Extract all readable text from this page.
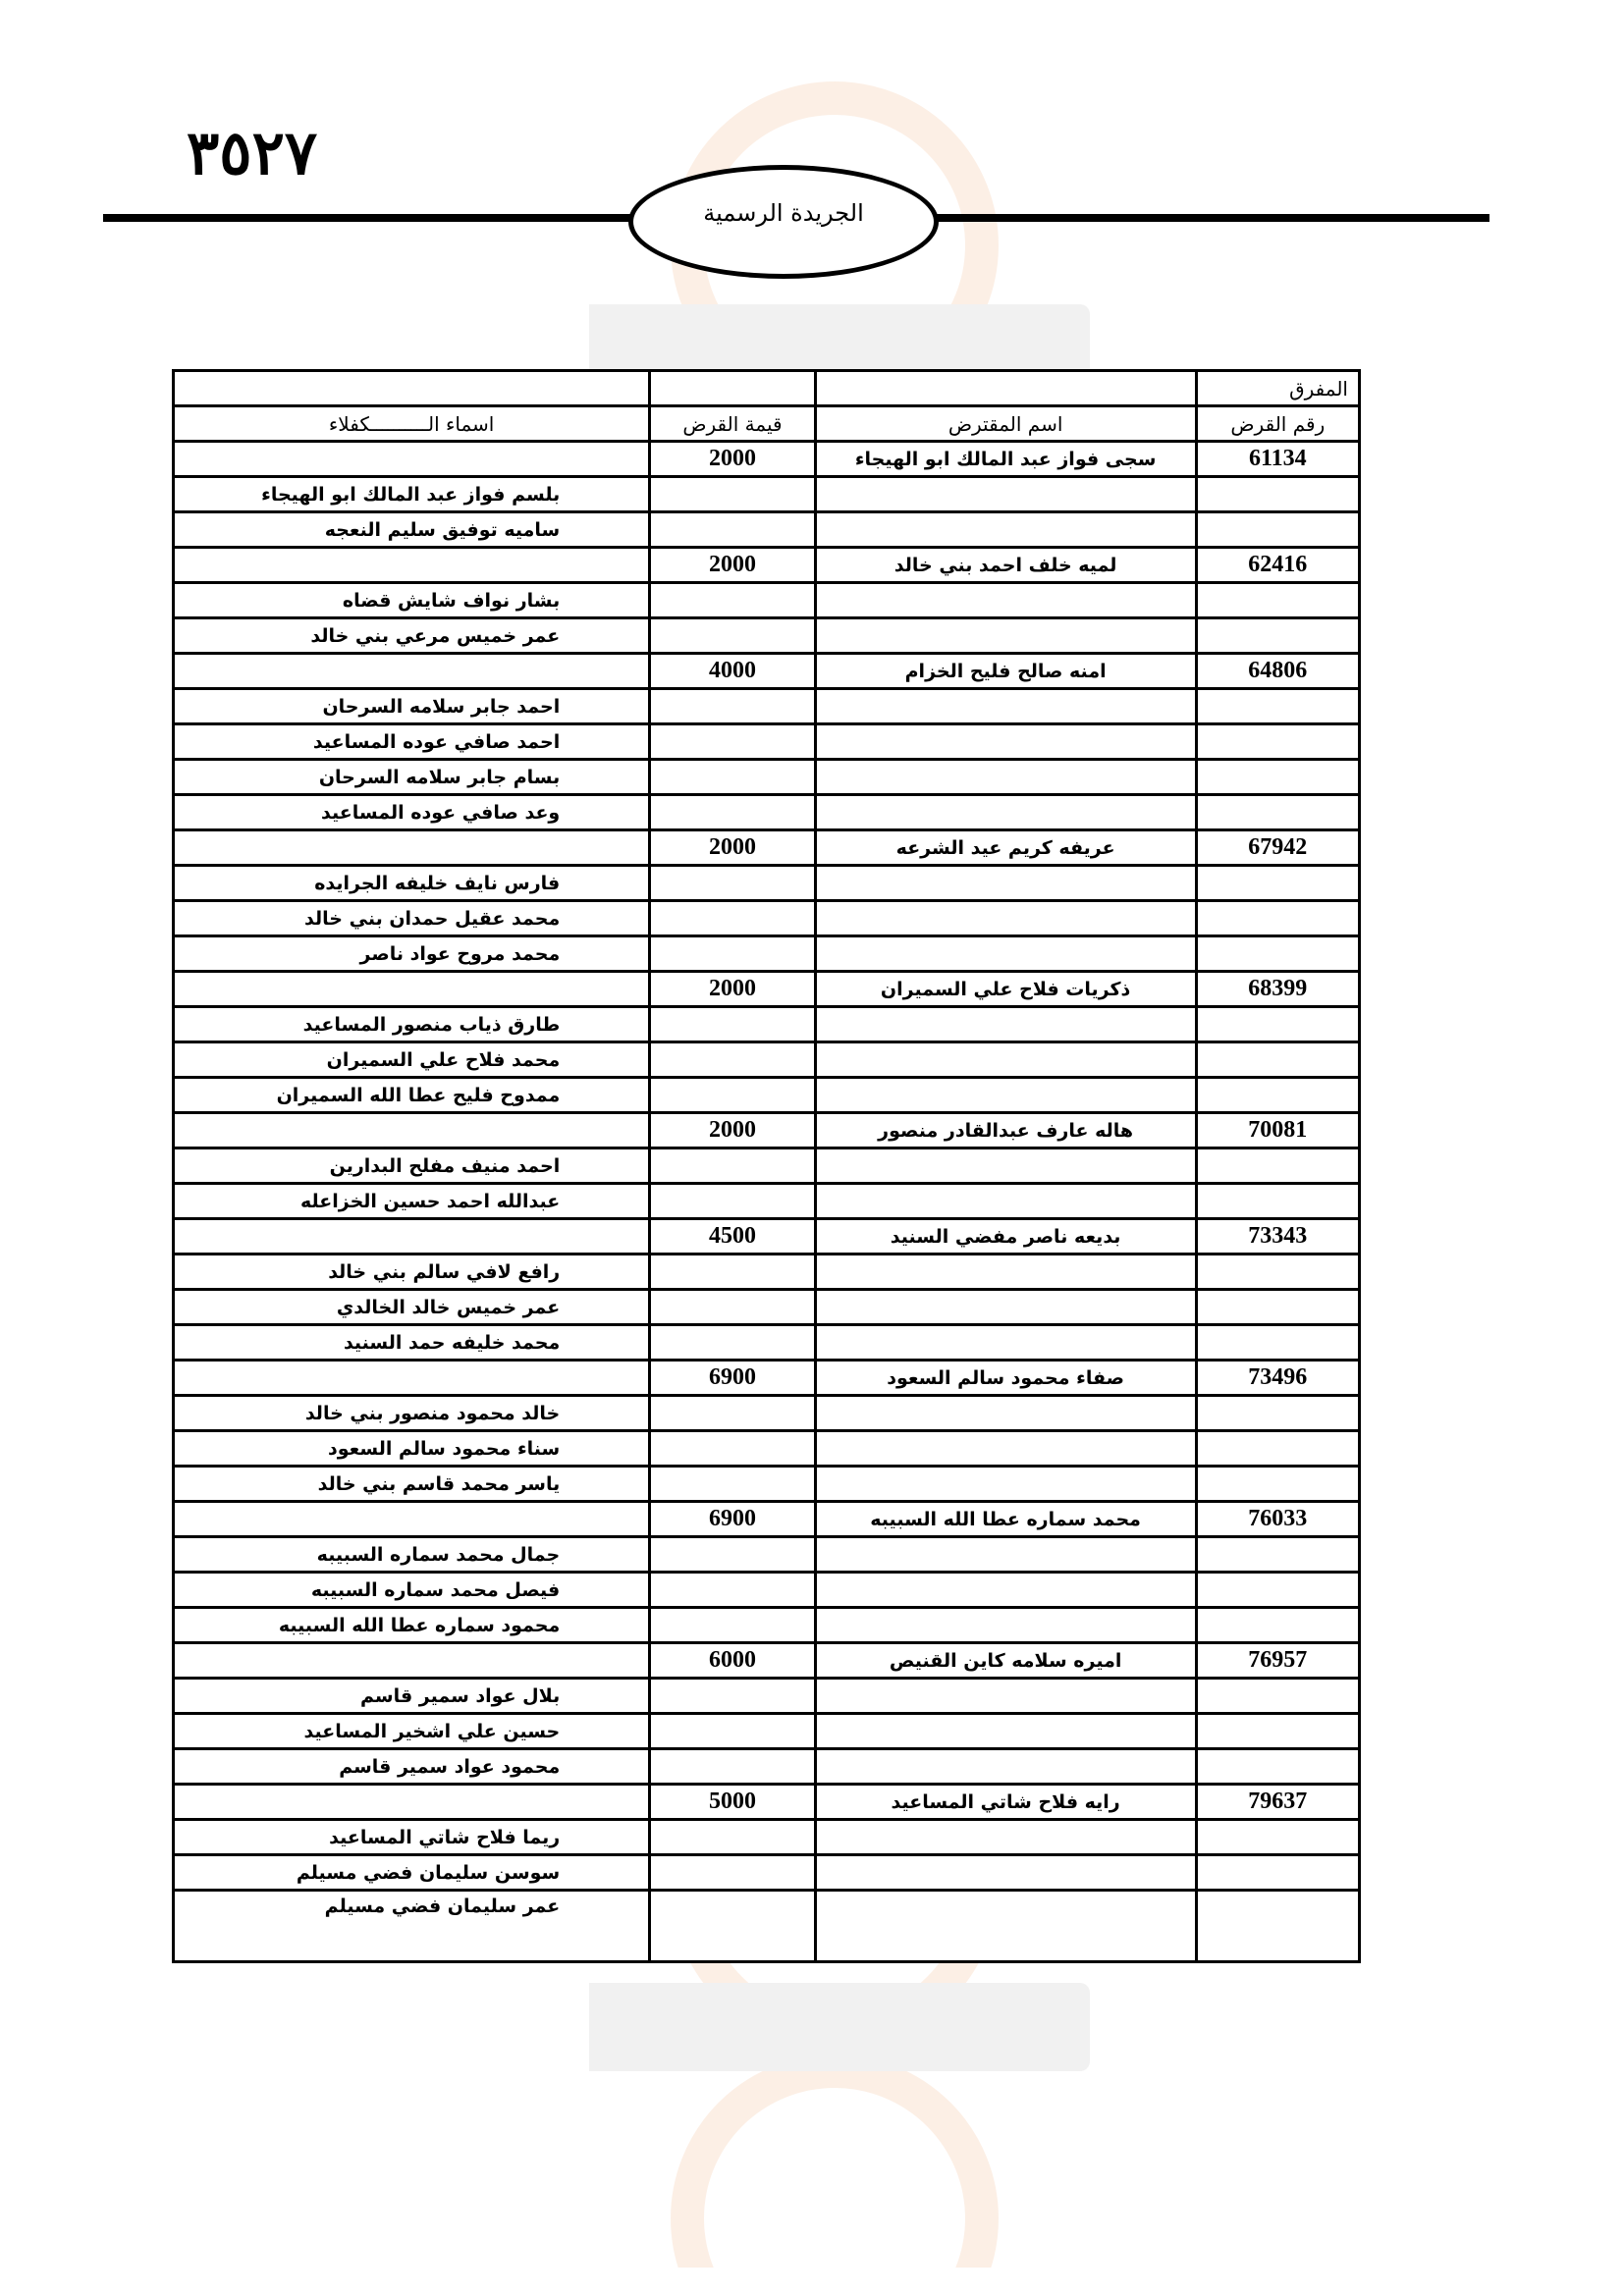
٣٥٢٧
الجريدة الرسمية
المفرق			
رقم القرض	اسم المقترض	قيمة القرض	اسماء الــــــــــكفلاء
61134	سجى فواز عبد المالك ابو الهيجاء	2000	
			بلسم فواز عبد المالك ابو الهيجاء
			ساميه توفيق سليم النعجه
62416	لميه خلف احمد بني خالد	2000	
			بشار نواف شايش قضاه
			عمر خميس مرعي بني خالد
64806	امنه صالح فليح الخزام	4000	
			احمد جابر سلامه السرحان
			احمد صافي عوده المساعيد
			بسام جابر سلامه السرحان
			وعد صافي عوده المساعيد
67942	عريفه كريم عيد الشرعه	2000	
			فارس نايف خليفه الجرايده
			محمد عقيل حمدان بني خالد
			محمد مروح عواد ناصر
68399	ذكريات فلاح علي السميران	2000	
			طارق ذياب منصور المساعيد
			محمد فلاح علي السميران
			ممدوح فليح عطا الله السميران
70081	هاله عارف عبدالقادر منصور	2000	
			احمد منيف مفلح البدارين
			عبدالله احمد حسين الخزاعله
73343	بديعه ناصر مفضي السنيد	4500	
			رافع لافي سالم بني خالد
			عمر خميس خالد الخالدي
			محمد خليفه حمد السنيد
73496	صفاء محمود سالم السعود	6900	
			خالد محمود منصور بني خالد
			سناء محمود سالم السعود
			ياسر محمد قاسم بني خالد
76033	محمد سماره عطا الله السبيبه	6900	
			جمال محمد سماره السبيبه
			فيصل محمد سماره السبيبه
			محمود سماره عطا الله السبيبه
76957	اميره سلامه كاين القنيص	6000	
			بلال عواد سمير قاسم
			حسين علي اشخير المساعيد
			محمود عواد سمير قاسم
79637	رايه فلاح شاتي المساعيد	5000	
			ريما فلاح شاتي المساعيد
			سوسن سليمان فضي مسيلم
			عمر سليمان فضي مسيلم
